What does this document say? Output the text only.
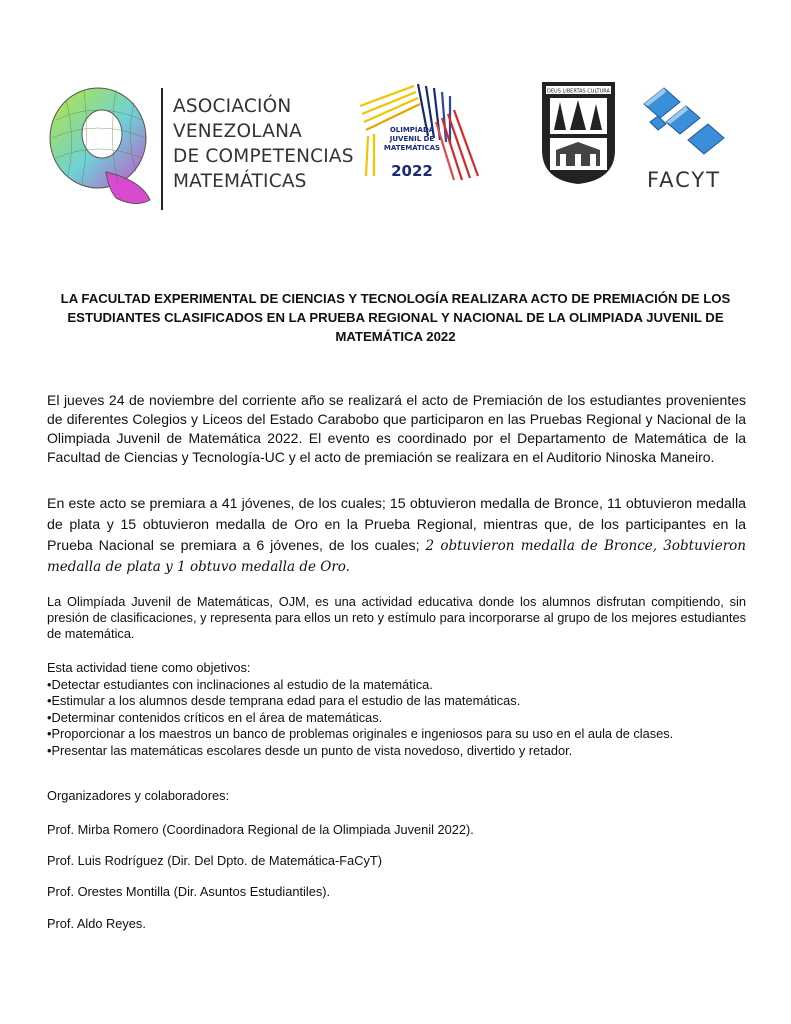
ASOCIACIÓN
VENEZOLANA
DE COMPETENCIAS
MATEMÁTICAS
OLIMPÍADA
JUVENIL DE
MATEMÁTICAS
2022
DEUS LIBERTAS CULTURA
FACYT
LA FACULTAD EXPERIMENTAL DE CIENCIAS Y TECNOLOGÍA REALIZARA ACTO DE PREMIACIÓN DE LOS ESTUDIANTES CLASIFICADOS EN LA PRUEBA REGIONAL Y NACIONAL DE LA OLIMPIADA JUVENIL DE MATEMÁTICA 2022
El jueves 24 de noviembre del corriente año se realizará el acto de Premiación de los estudiantes provenientes de diferentes Colegios y Liceos del Estado Carabobo que participaron en las Pruebas Regional y Nacional de la Olimpiada Juvenil de Matemática 2022. El evento es coordinado por el Departamento de Matemática de la Facultad de Ciencias y Tecnología-UC y el acto de premiación se realizara en el Auditorio Ninoska Maneiro.
En este acto se premiara a 41 jóvenes, de los cuales; 15 obtuvieron medalla de Bronce, 11 obtuvieron medalla de plata y 15 obtuvieron medalla de Oro en la Prueba Regional, mientras que, de los participantes en la Prueba Nacional se premiara a 6 jóvenes, de los cuales; 2 obtuvieron medalla de Bronce, 3obtuvieron medalla de plata y 1 obtuvo medalla de Oro.
La Olimpíada Juvenil de Matemáticas, OJM, es una actividad educativa donde los alumnos disfrutan compitiendo, sin presión de clasificaciones, y representa para ellos un reto y estímulo para incorporarse al grupo de los mejores estudiantes de matemática.
Esta actividad tiene como objetivos:
• Detectar estudiantes con inclinaciones al estudio de la matemática.
• Estimular a los alumnos desde temprana edad para el estudio de las matemáticas.
• Determinar contenidos críticos en el área de matemáticas.
• Proporcionar a los maestros un banco de problemas originales e ingeniosos para su uso en el aula de clases.
• Presentar las matemáticas escolares desde un punto de vista novedoso, divertido y retador.
Organizadores y colaboradores:
Prof. Mirba Romero (Coordinadora Regional de la Olimpiada Juvenil 2022).
Prof. Luis Rodríguez (Dir. Del Dpto. de Matemática-FaCyT)
Prof. Orestes Montilla (Dir. Asuntos Estudiantiles).
Prof. Aldo Reyes.
